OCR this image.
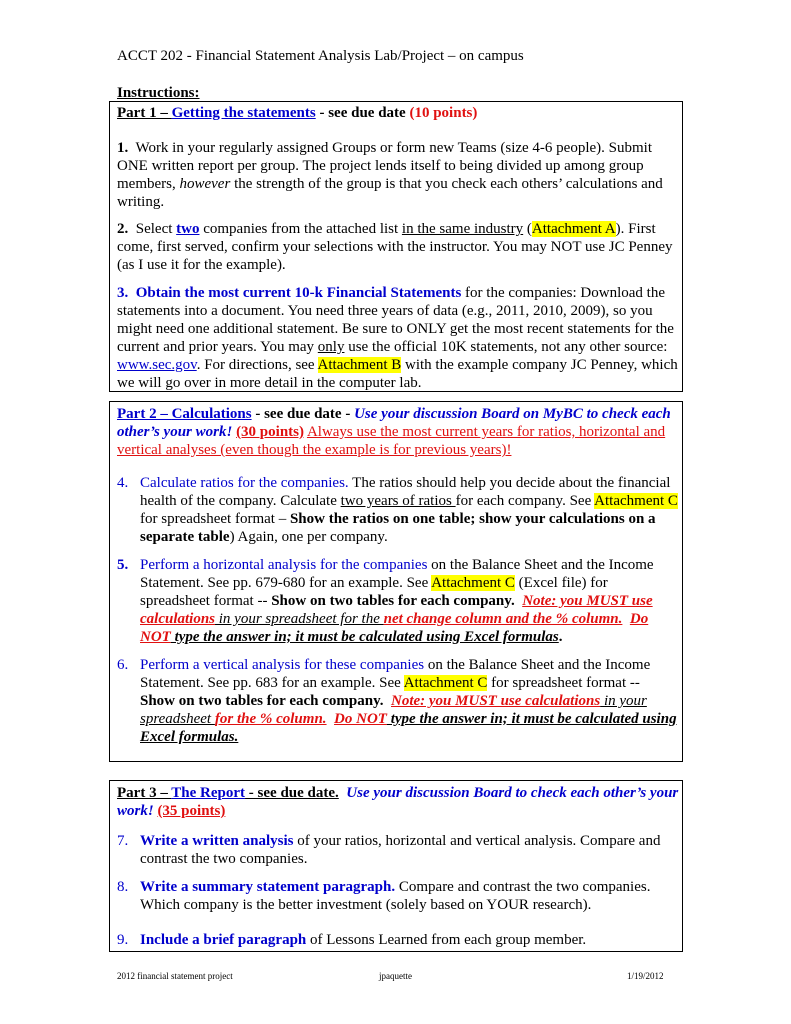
ACCT 202 - Financial Statement Analysis Lab/Project – on campus
Instructions:
Part 1 – Getting the statements - see due date (10 points)
1. Work in your regularly assigned Groups or form new Teams (size 4-6 people). Submit ONE written report per group. The project lends itself to being divided up among group members, however the strength of the group is that you check each others’ calculations and writing.
2. Select two companies from the attached list in the same industry (Attachment A). First come, first served, confirm your selections with the instructor. You may NOT use JC Penney (as I use it for the example).
3. Obtain the most current 10-k Financial Statements for the companies: Download the statements into a document. You need three years of data (e.g., 2011, 2010, 2009), so you might need one additional statement. Be sure to ONLY get the most recent statements for the current and prior years. You may only use the official 10K statements, not any other source: www.sec.gov. For directions, see Attachment B with the example company JC Penney, which we will go over in more detail in the computer lab.
Part 2 – Calculations - see due date - Use your discussion Board on MyBC to check each other’s your work! (30 points) Always use the most current years for ratios, horizontal and vertical analyses (even though the example is for previous years)!
4. Calculate ratios for the companies. The ratios should help you decide about the financial health of the company. Calculate two years of ratios for each company. See Attachment C for spreadsheet format – Show the ratios on one table; show your calculations on a separate table) Again, one per company.
5. Perform a horizontal analysis for the companies on the Balance Sheet and the Income Statement. See pp. 679-680 for an example. See Attachment C (Excel file) for spreadsheet format -- Show on two tables for each company. Note: you MUST use calculations in your spreadsheet for the net change column and the % column. Do NOT type the answer in; it must be calculated using Excel formulas.
6. Perform a vertical analysis for these companies on the Balance Sheet and the Income Statement. See pp. 683 for an example. See Attachment C for spreadsheet format -- Show on two tables for each company. Note: you MUST use calculations in your spreadsheet for the % column. Do NOT type the answer in; it must be calculated using Excel formulas.
Part 3 – The Report - see due date. Use your discussion Board to check each other’s your work! (35 points)
7. Write a written analysis of your ratios, horizontal and vertical analysis. Compare and contrast the two companies.
8. Write a summary statement paragraph. Compare and contrast the two companies. Which company is the better investment (solely based on YOUR research).
9. Include a brief paragraph of Lessons Learned from each group member.
2012 financial statement project	jpaquette	1/19/2012
